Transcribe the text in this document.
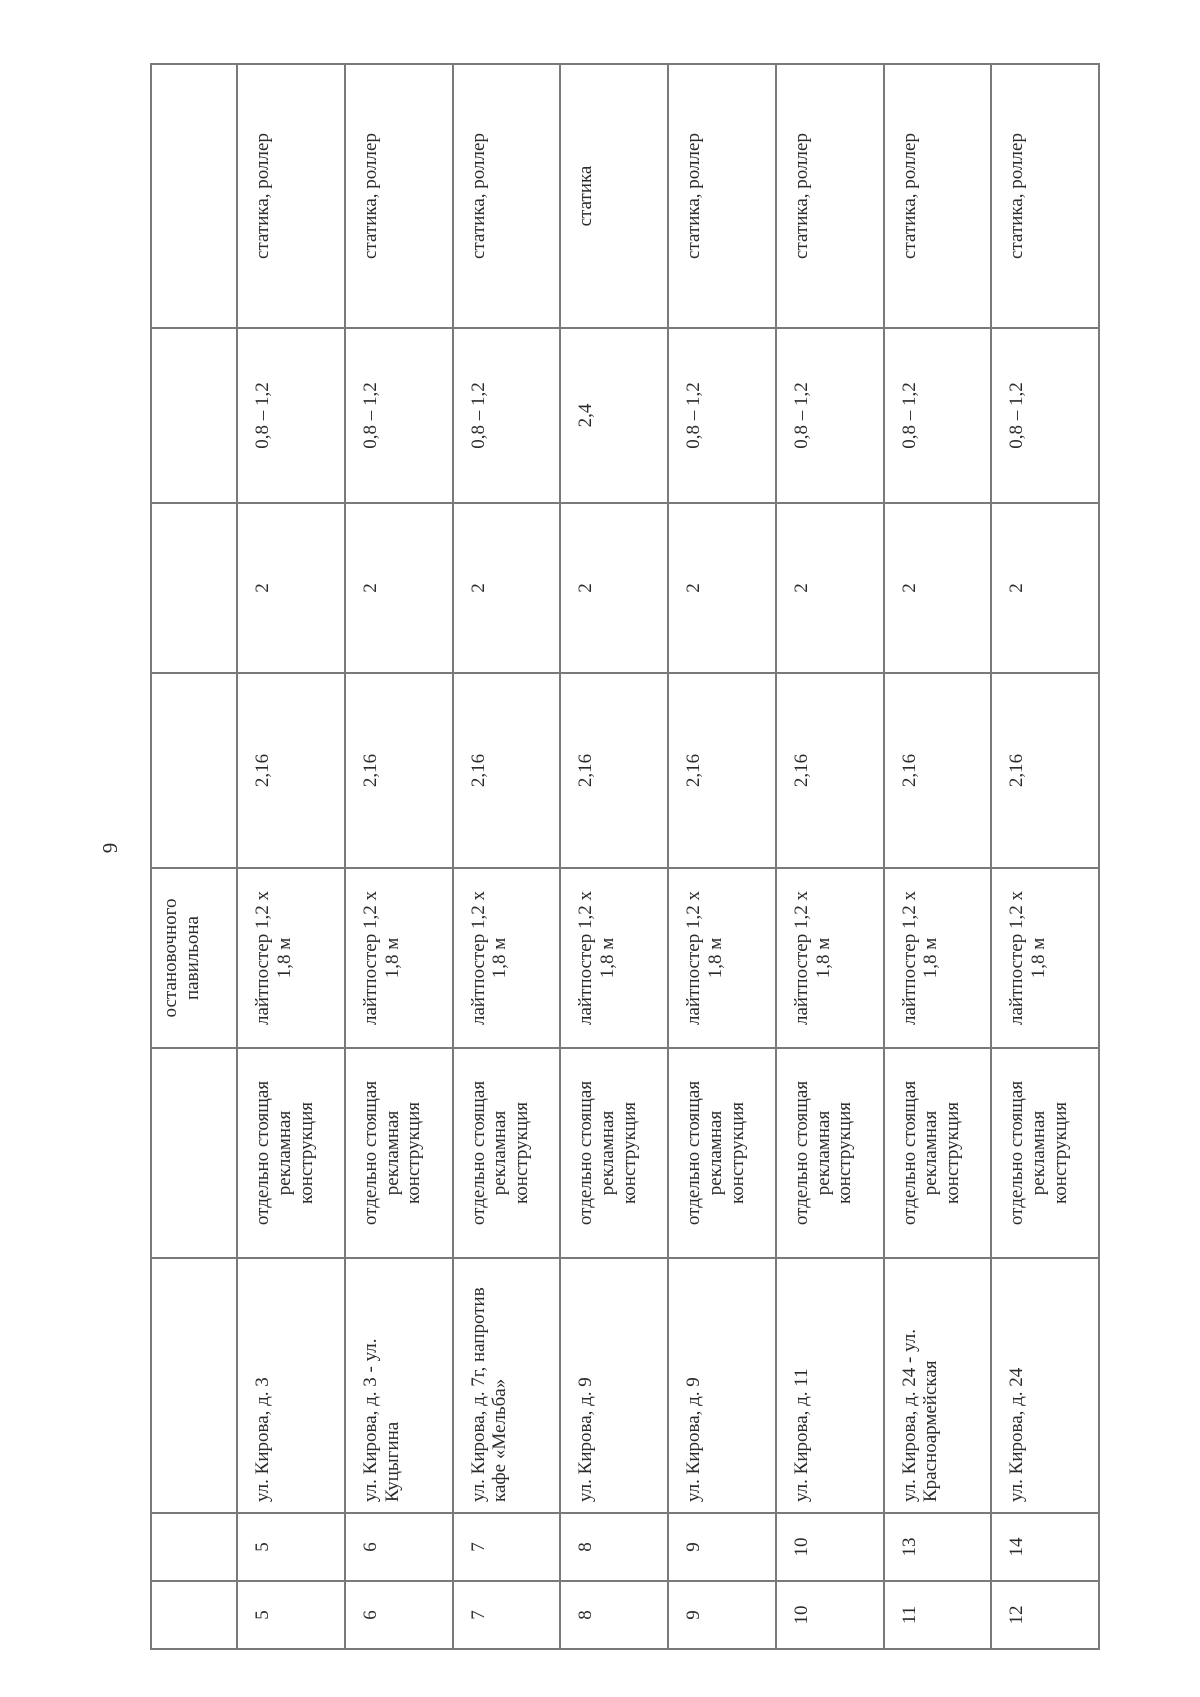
9
				остановочного павильона				
5	5	ул. Кирова, д. 3	отдельно стоящая рекламная конструкция	лайтпостер 1,2 х 1,8 м	2,16	2	0,8 – 1,2	статика, роллер
6	6	ул. Кирова, д. 3 - ул. Куцыгина	отдельно стоящая рекламная конструкция	лайтпостер 1,2 х 1,8 м	2,16	2	0,8 – 1,2	статика, роллер
7	7	ул. Кирова, д. 7г, напротив кафе «Мельба»	отдельно стоящая рекламная конструкция	лайтпостер 1,2 х 1,8 м	2,16	2	0,8 – 1,2	статика, роллер
8	8	ул. Кирова, д. 9	отдельно стоящая рекламная конструкция	лайтпостер 1,2 х 1,8 м	2,16	2	2,4	статика
9	9	ул. Кирова, д. 9	отдельно стоящая рекламная конструкция	лайтпостер 1,2 х 1,8 м	2,16	2	0,8 – 1,2	статика, роллер
10	10	ул. Кирова, д. 11	отдельно стоящая рекламная конструкция	лайтпостер 1,2 х 1,8 м	2,16	2	0,8 – 1,2	статика, роллер
11	13	ул. Кирова, д. 24 - ул. Красноармейская	отдельно стоящая рекламная конструкция	лайтпостер 1,2 х 1,8 м	2,16	2	0,8 – 1,2	статика, роллер
12	14	ул. Кирова, д. 24	отдельно стоящая рекламная конструкция	лайтпостер 1,2 х 1,8 м	2,16	2	0,8 – 1,2	статика, роллер
